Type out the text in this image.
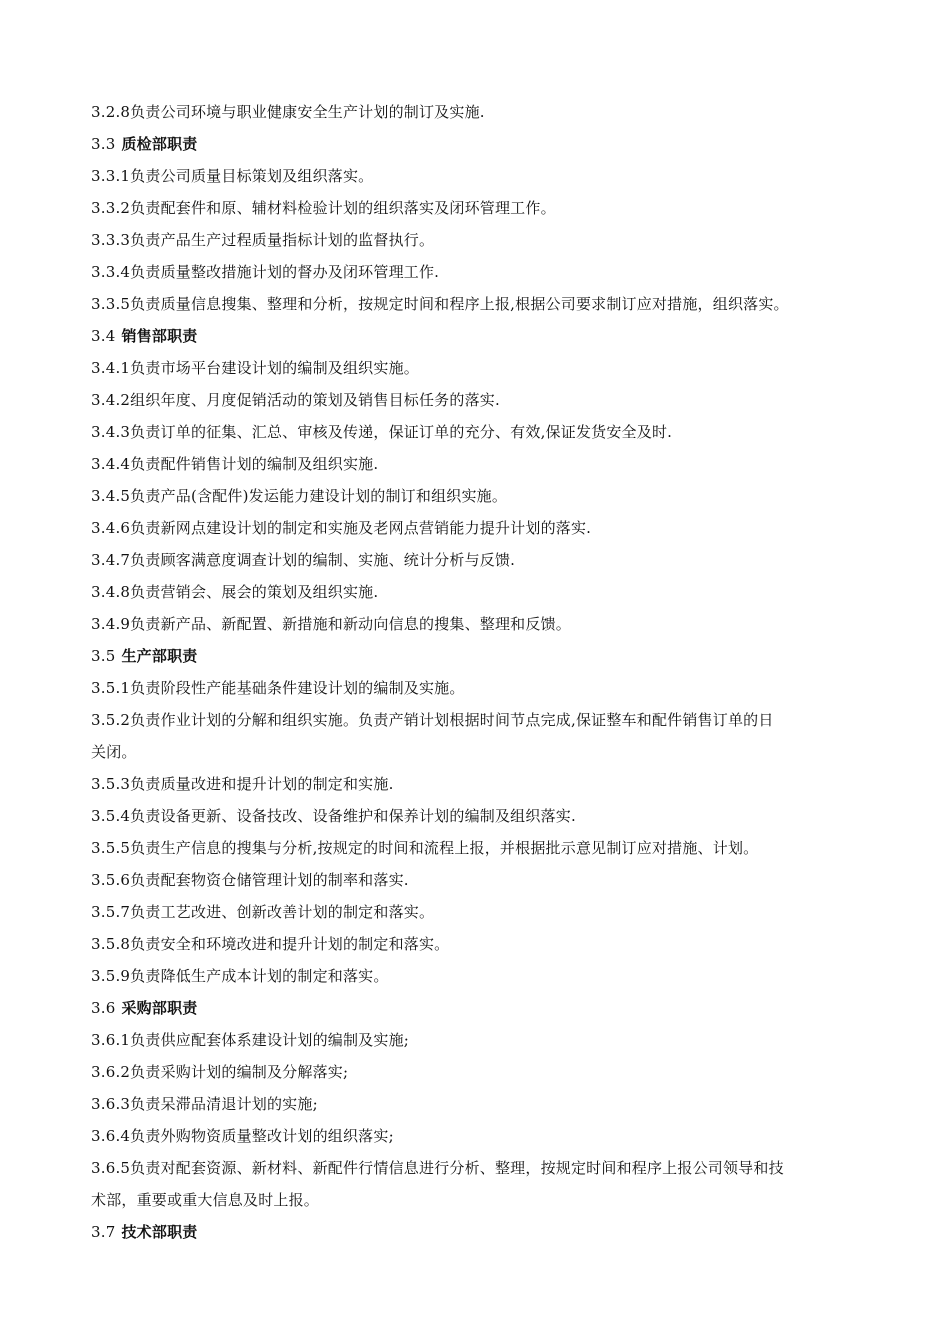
3.2.8负责公司环境与职业健康安全生产计划的制订及实施.
3.3 质检部职责
3.3.1负责公司质量目标策划及组织落实。
3.3.2负责配套件和原、辅材料检验计划的组织落实及闭环管理工作。
3.3.3负责产品生产过程质量指标计划的监督执行。
3.3.4负责质量整改措施计划的督办及闭环管理工作.
3.3.5负责质量信息搜集、整理和分析，按规定时间和程序上报,根据公司要求制订应对措施，组织落实。
3.4 销售部职责
3.4.1负责市场平台建设计划的编制及组织实施。
3.4.2组织年度、月度促销活动的策划及销售目标任务的落实.
3.4.3负责订单的征集、汇总、审核及传递，保证订单的充分、有效,保证发货安全及时.
3.4.4负责配件销售计划的编制及组织实施.
3.4.5负责产品(含配件)发运能力建设计划的制订和组织实施。
3.4.6负责新网点建设计划的制定和实施及老网点营销能力提升计划的落实.
3.4.7负责顾客满意度调查计划的编制、实施、统计分析与反馈.
3.4.8负责营销会、展会的策划及组织实施.
3.4.9负责新产品、新配置、新措施和新动向信息的搜集、整理和反馈。
3.5 生产部职责
3.5.1负责阶段性产能基础条件建设计划的编制及实施。
3.5.2负责作业计划的分解和组织实施。负责产销计划根据时间节点完成,保证整车和配件销售订单的日
关闭。
3.5.3负责质量改进和提升计划的制定和实施.
3.5.4负责设备更新、设备技改、设备维护和保养计划的编制及组织落实.
3.5.5负责生产信息的搜集与分析,按规定的时间和流程上报，并根据批示意见制订应对措施、计划。
3.5.6负责配套物资仓储管理计划的制率和落实.
3.5.7负责工艺改进、创新改善计划的制定和落实。
3.5.8负责安全和环境改进和提升计划的制定和落实。
3.5.9负责降低生产成本计划的制定和落实。
3.6 采购部职责
3.6.1负责供应配套体系建设计划的编制及实施;
3.6.2负责采购计划的编制及分解落实;
3.6.3负责呆滞品清退计划的实施;
3.6.4负责外购物资质量整改计划的组织落实;
3.6.5负责对配套资源、新材料、新配件行情信息进行分析、整理，按规定时间和程序上报公司领导和技
术部，重要或重大信息及时上报。
3.7 技术部职责
